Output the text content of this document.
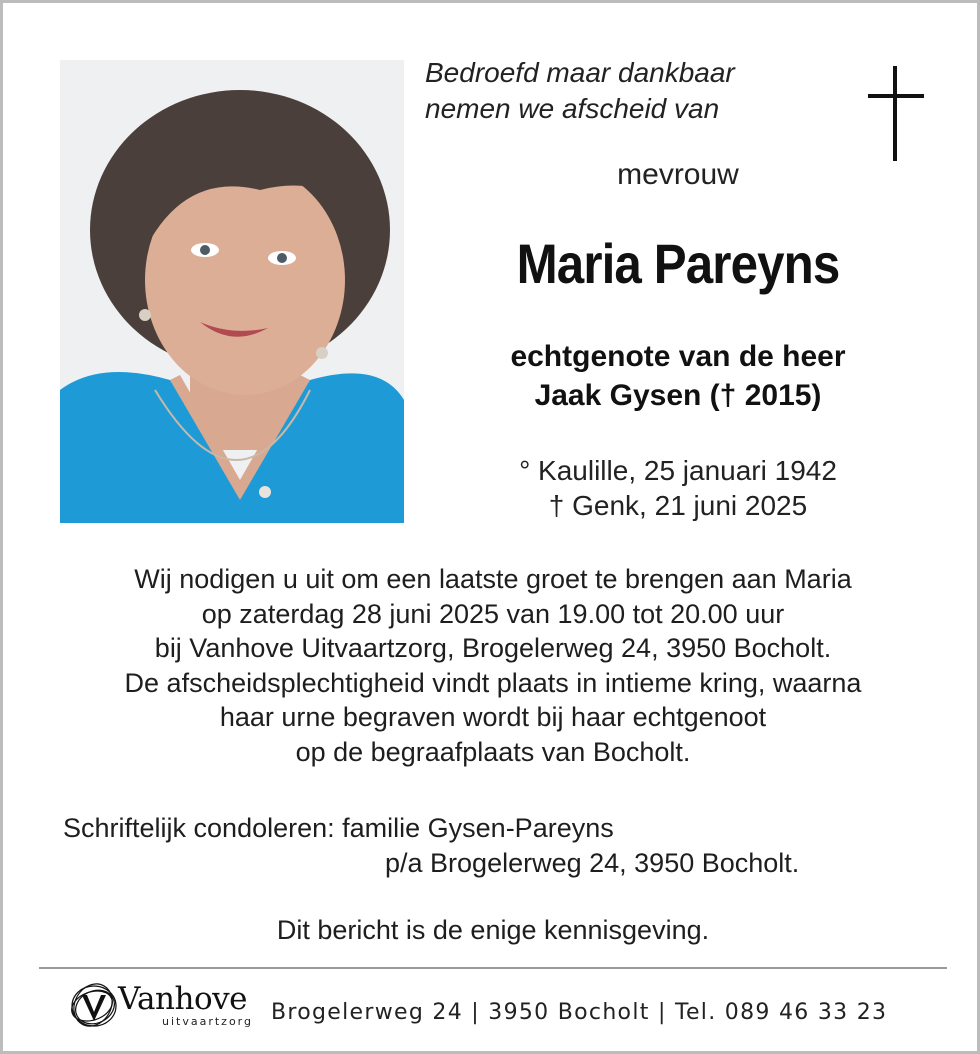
Bedroefd maar dankbaar
nemen we afscheid van
mevrouw
Maria Pareyns
echtgenote van de heer
Jaak Gysen († 2015)
° Kaulille, 25 januari 1942
† Genk, 21 juni 2025
Wij nodigen u uit om een laatste groet te brengen aan Maria
op zaterdag 28 juni 2025 van 19.00 tot 20.00 uur
bij Vanhove Uitvaartzorg, Brogelerweg 24, 3950 Bocholt.
De afscheidsplechtigheid vindt plaats in intieme kring, waarna
haar urne begraven wordt bij haar echtgenoot
op de begraafplaats van Bocholt.
Schriftelijk condoleren: familie Gysen-Pareyns
p/a Brogelerweg 24, 3950 Bocholt.
Dit bericht is de enige kennisgeving.
Vanhove
uitvaartzorg Brogelerweg 24 | 3950 Bocholt | Tel. 089 46 33 23
